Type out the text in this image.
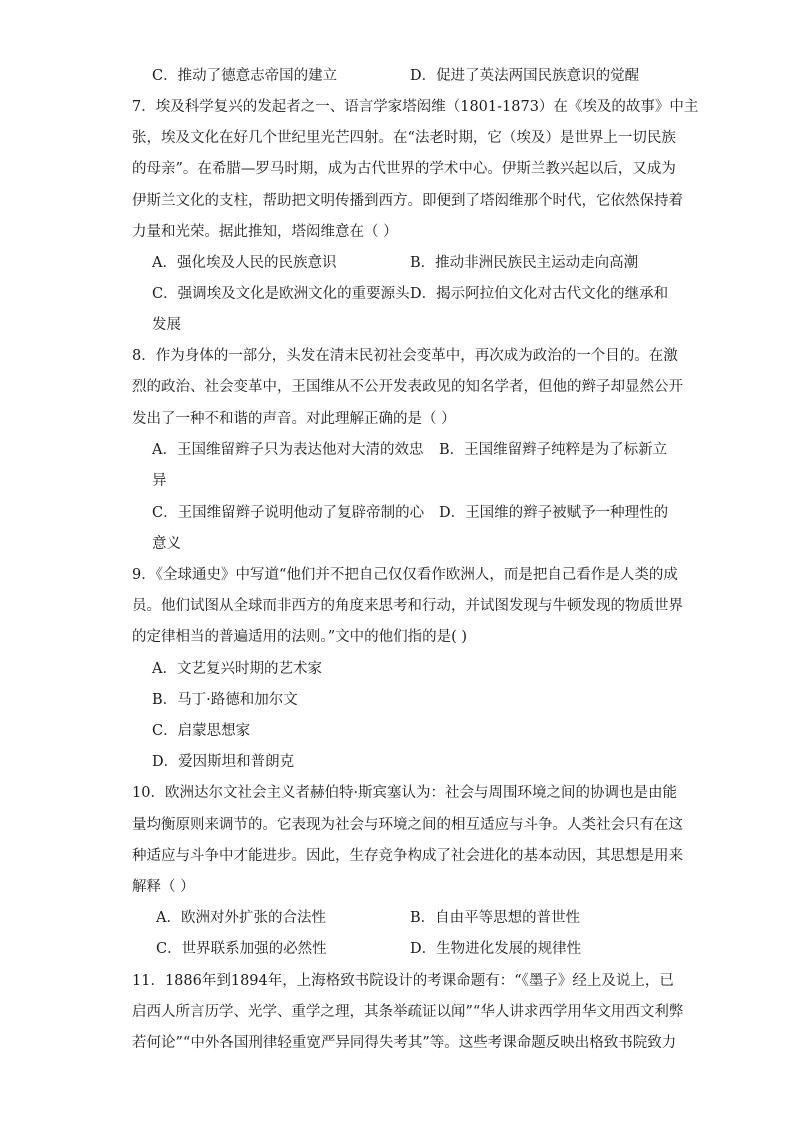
C．推动了德意志帝国的建立	D．促进了英法两国民族意识的觉醒
7．埃及科学复兴的发起者之一、语言学家塔闳维（1801-1873）在《埃及的故事》中主
张，埃及文化在好几个世纪里光芒四射。在“法老时期，它（埃及）是世界上一切民族
的母亲”。在希腊—罗马时期，成为古代世界的学术中心。伊斯兰教兴起以后，又成为
伊斯兰文化的支柱，帮助把文明传播到西方。即便到了塔闳维那个时代，它依然保持着
力量和光荣。据此推知，塔闳维意在（ ）
A．强化埃及人民的民族意识	B．推动非洲民族民主运动走向高潮
C．强调埃及文化是欧洲文化的重要源头 D．揭示阿拉伯文化对古代文化的继承和
发展
8．作为身体的一部分，头发在清末民初社会变革中，再次成为政治的一个目的。在激
烈的政治、社会变革中，王国维从不公开发表政见的知名学者，但他的辫子却显然公开
发出了一种不和谐的声音。对此理解正确的是（ ）
A．王国维留辫子只为表达他对大清的效忠 B．王国维留辫子纯粹是为了标新立
异
C．王国维留辫子说明他动了复辟帝制的心 D．王国维的辫子被赋予一种理性的
意义
9．《全球通史》中写道“他们并不把自己仅仅看作欧洲人，而是把自己看作是人类的成
员。他们试图从全球而非西方的角度来思考和行动，并试图发现与牛顿发现的物质世界
的定律相当的普遍适用的法则。”文中的他们指的是( )
A．文艺复兴时期的艺术家
B．马丁·路德和加尔文
C．启蒙思想家
D．爱因斯坦和普朗克
10．欧洲达尔文社会主义者赫伯特·斯宾塞认为：社会与周围环境之间的协调也是由能
量均衡原则来调节的。它表现为社会与环境之间的相互适应与斗争。人类社会只有在这
种适应与斗争中才能进步。因此，生存竞争构成了社会进化的基本动因，其思想是用来
解释（ ）
A．欧洲对外扩张的合法性	B．自由平等思想的普世性
C．世界联系加强的必然性	D．生物进化发展的规律性
11．1886年到1894年，上海格致书院设计的考课命题有：“《墨子》经上及说上，已
启西人所言历学、光学、重学之理，其条举疏证以闻”“华人讲求西学用华文用西文利弊
若何论”“中外各国刑律轻重宽严异同得失考其”等。这些考课命题反映出格致书院致力
